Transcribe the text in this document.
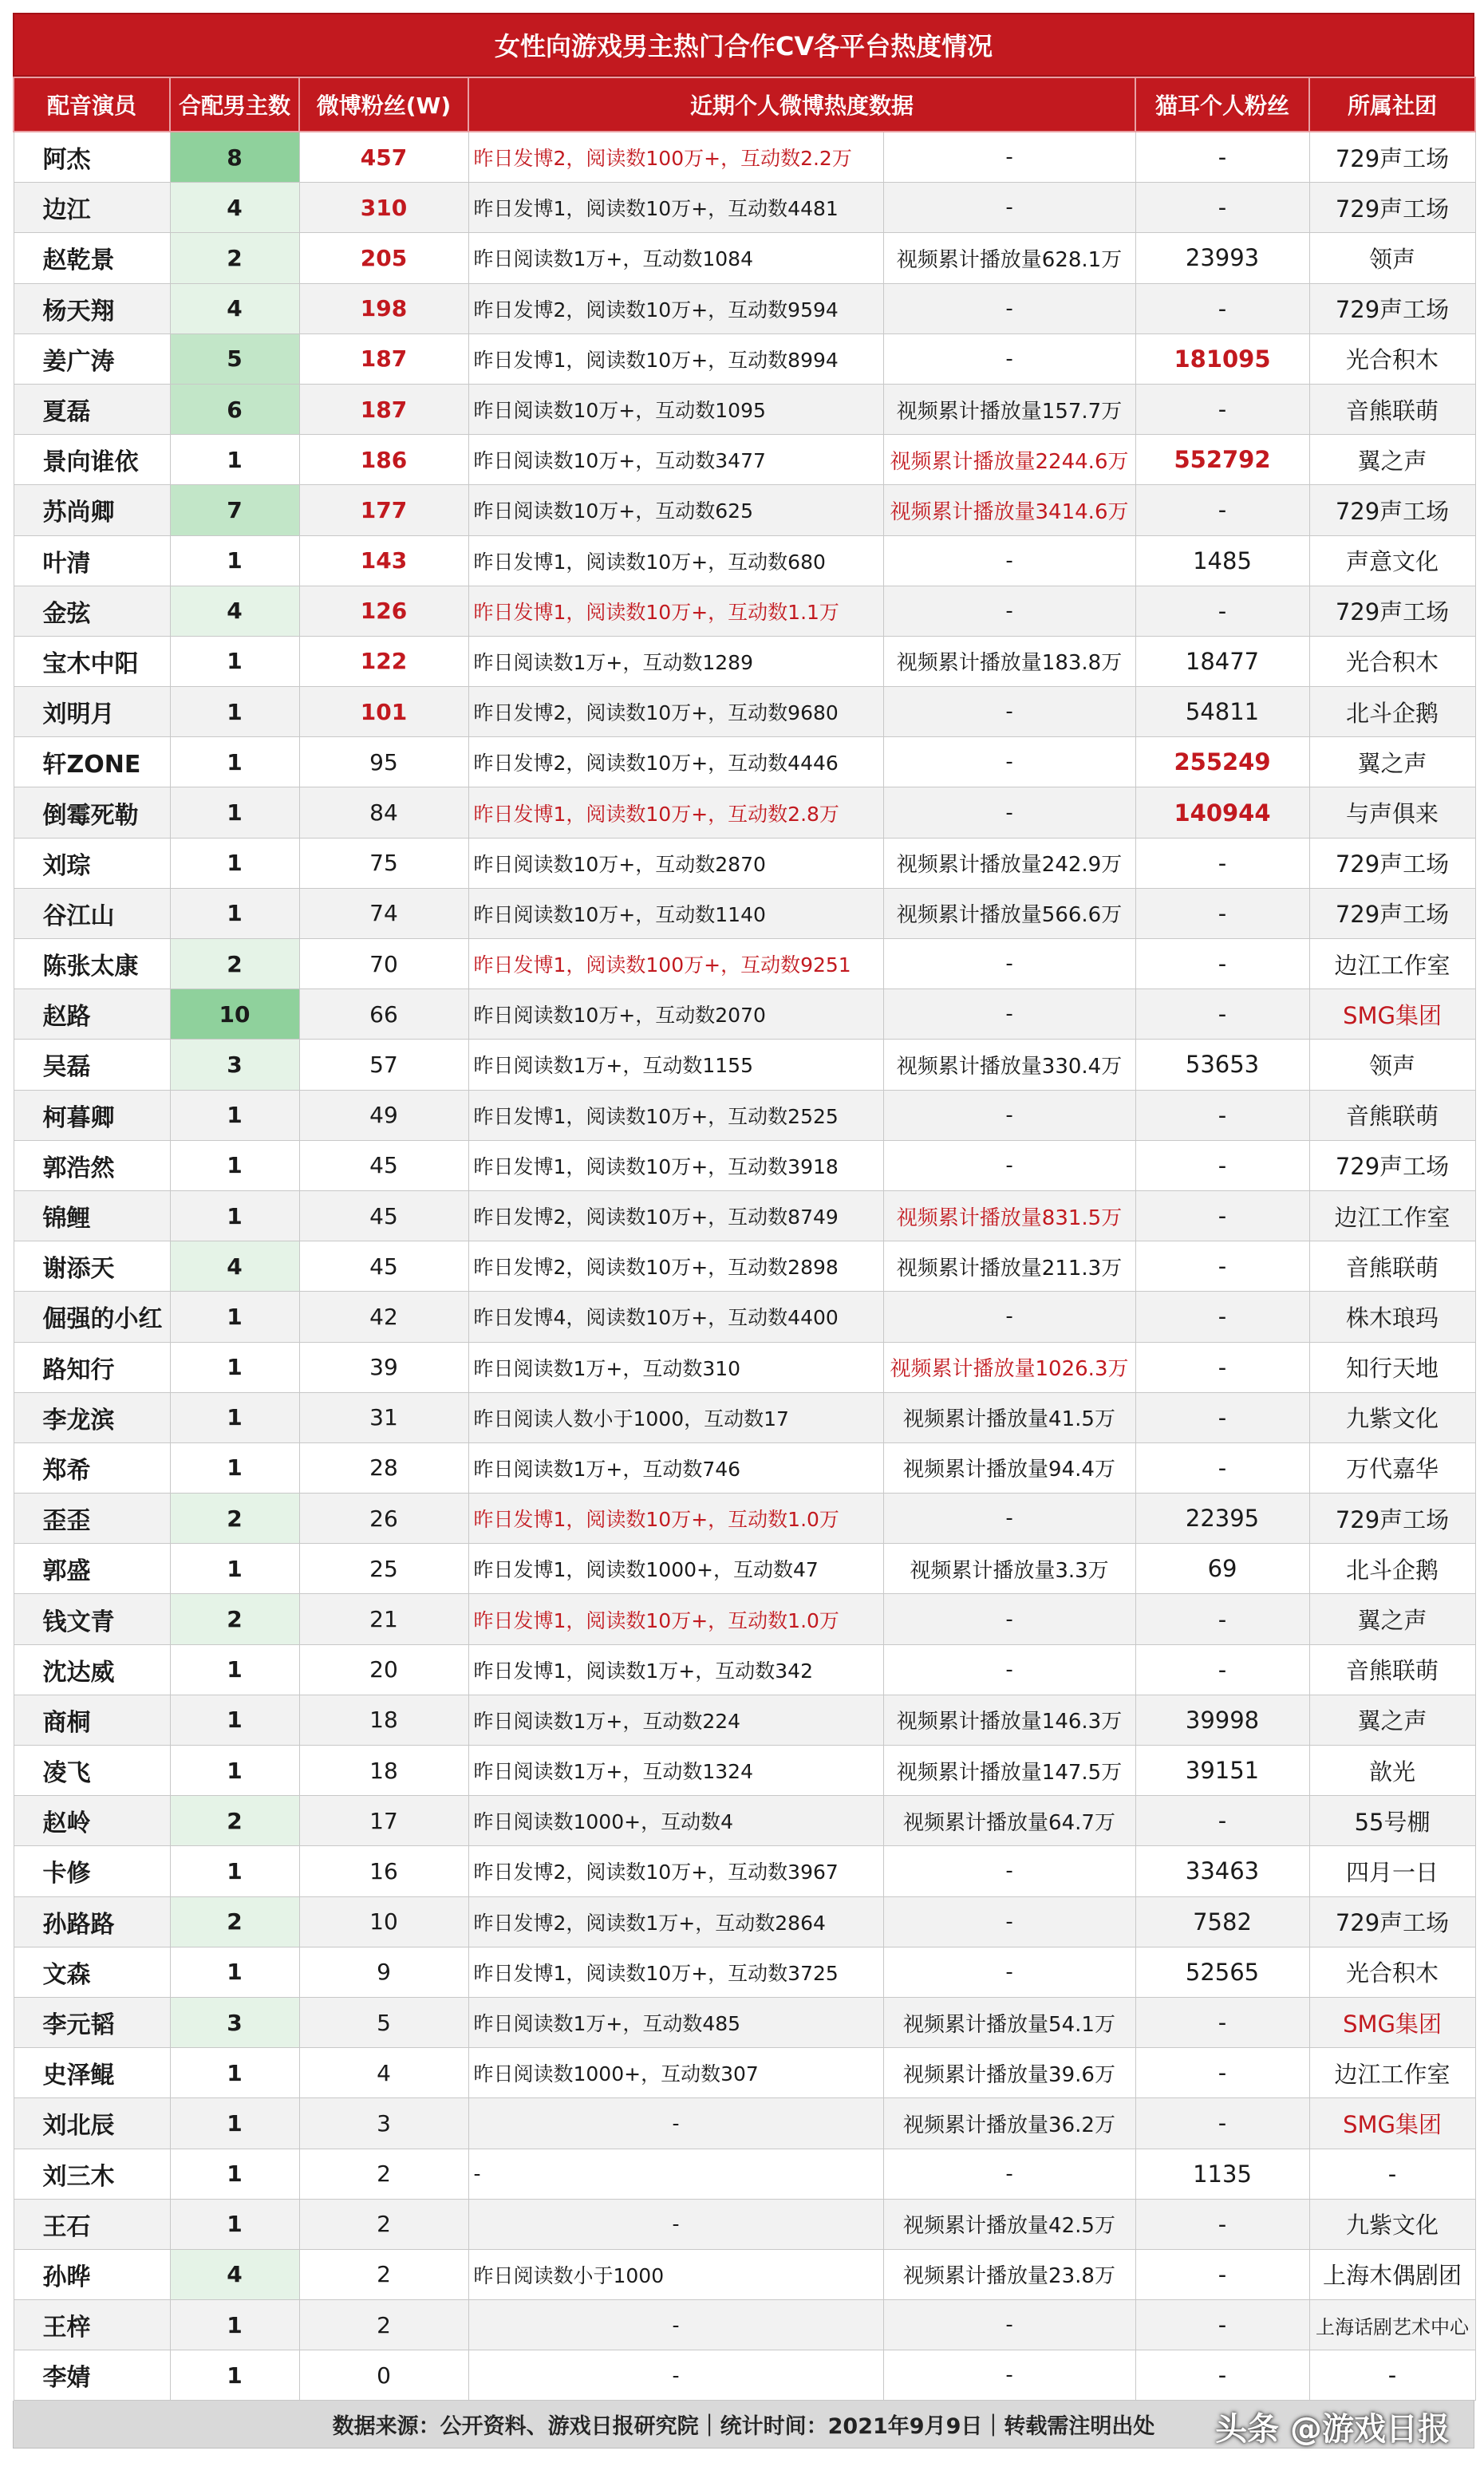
女性向游戏男主热门合作CV各平台热度情况
配音演员	合配男主数	微博粉丝(W)	近期个人微博热度数据		猫耳个人粉丝	所属社团
阿杰	8	457	昨日发博2，阅读数100万+，互动数2.2万	-	-	729声工场
边江	4	310	昨日发博1，阅读数10万+，互动数4481	-	-	729声工场
赵乾景	2	205	昨日阅读数1万+，互动数1084	视频累计播放量628.1万	23993	领声
杨天翔	4	198	昨日发博2，阅读数10万+，互动数9594	-	-	729声工场
姜广涛	5	187	昨日发博1，阅读数10万+，互动数8994	-	181095	光合积木
夏磊	6	187	昨日阅读数10万+，互动数1095	视频累计播放量157.7万	-	音熊联萌
景向谁依	1	186	昨日阅读数10万+，互动数3477	视频累计播放量2244.6万	552792	翼之声
苏尚卿	7	177	昨日阅读数10万+，互动数625	视频累计播放量3414.6万	-	729声工场
叶清	1	143	昨日发博1，阅读数10万+，互动数680	-	1485	声意文化
金弦	4	126	昨日发博1，阅读数10万+，互动数1.1万	-	-	729声工场
宝木中阳	1	122	昨日阅读数1万+，互动数1289	视频累计播放量183.8万	18477	光合积木
刘明月	1	101	昨日发博2，阅读数10万+，互动数9680	-	54811	北斗企鹅
轩ZONE	1	95	昨日发博2，阅读数10万+，互动数4446	-	255249	翼之声
倒霉死勒	1	84	昨日发博1，阅读数10万+，互动数2.8万	-	140944	与声俱来
刘琮	1	75	昨日阅读数10万+，互动数2870	视频累计播放量242.9万	-	729声工场
谷江山	1	74	昨日阅读数10万+，互动数1140	视频累计播放量566.6万	-	729声工场
陈张太康	2	70	昨日发博1，阅读数100万+，互动数9251	-	-	边江工作室
赵路	10	66	昨日阅读数10万+，互动数2070	-	-	SMG集团
吴磊	3	57	昨日阅读数1万+，互动数1155	视频累计播放量330.4万	53653	领声
柯暮卿	1	49	昨日发博1，阅读数10万+，互动数2525	-	-	音熊联萌
郭浩然	1	45	昨日发博1，阅读数10万+，互动数3918	-	-	729声工场
锦鲤	1	45	昨日发博2，阅读数10万+，互动数8749	视频累计播放量831.5万	-	边江工作室
谢添天	4	45	昨日发博2，阅读数10万+，互动数2898	视频累计播放量211.3万	-	音熊联萌
倔强的小红	1	42	昨日发博4，阅读数10万+，互动数4400	-	-	株木琅玛
路知行	1	39	昨日阅读数1万+，互动数310	视频累计播放量1026.3万	-	知行天地
李龙滨	1	31	昨日阅读人数小于1000，互动数17	视频累计播放量41.5万	-	九紫文化
郑希	1	28	昨日阅读数1万+，互动数746	视频累计播放量94.4万	-	万代嘉华
歪歪	2	26	昨日发博1，阅读数10万+，互动数1.0万	-	22395	729声工场
郭盛	1	25	昨日发博1，阅读数1000+，互动数47	视频累计播放量3.3万	69	北斗企鹅
钱文青	2	21	昨日发博1，阅读数10万+，互动数1.0万	-	-	翼之声
沈达威	1	20	昨日发博1，阅读数1万+，互动数342	-	-	音熊联萌
商桐	1	18	昨日阅读数1万+，互动数224	视频累计播放量146.3万	39998	翼之声
凌飞	1	18	昨日阅读数1万+，互动数1324	视频累计播放量147.5万	39151	歆光
赵岭	2	17	昨日阅读数1000+，互动数4	视频累计播放量64.7万	-	55号棚
卡修	1	16	昨日发博2，阅读数10万+，互动数3967	-	33463	四月一日
孙路路	2	10	昨日发博2，阅读数1万+，互动数2864	-	7582	729声工场
文森	1	9	昨日发博1，阅读数10万+，互动数3725	-	52565	光合积木
李元韬	3	5	昨日阅读数1万+，互动数485	视频累计播放量54.1万	-	SMG集团
史泽鲲	1	4	昨日阅读数1000+，互动数307	视频累计播放量39.6万	-	边江工作室
刘北辰	1	3	-	视频累计播放量36.2万	-	SMG集团
刘三木	1	2	-	-	1135	-
王石	1	2	-	视频累计播放量42.5万	-	九紫文化
孙晔	4	2	昨日阅读数小于1000	视频累计播放量23.8万	-	上海木偶剧团
王梓	1	2	-	-	-	上海话剧艺术中心
李婧	1	0	-	-	-	-
数据来源：公开资料、游戏日报研究院｜统计时间：2021年9月9日｜转载需注明出处 头条 @游戏日报
